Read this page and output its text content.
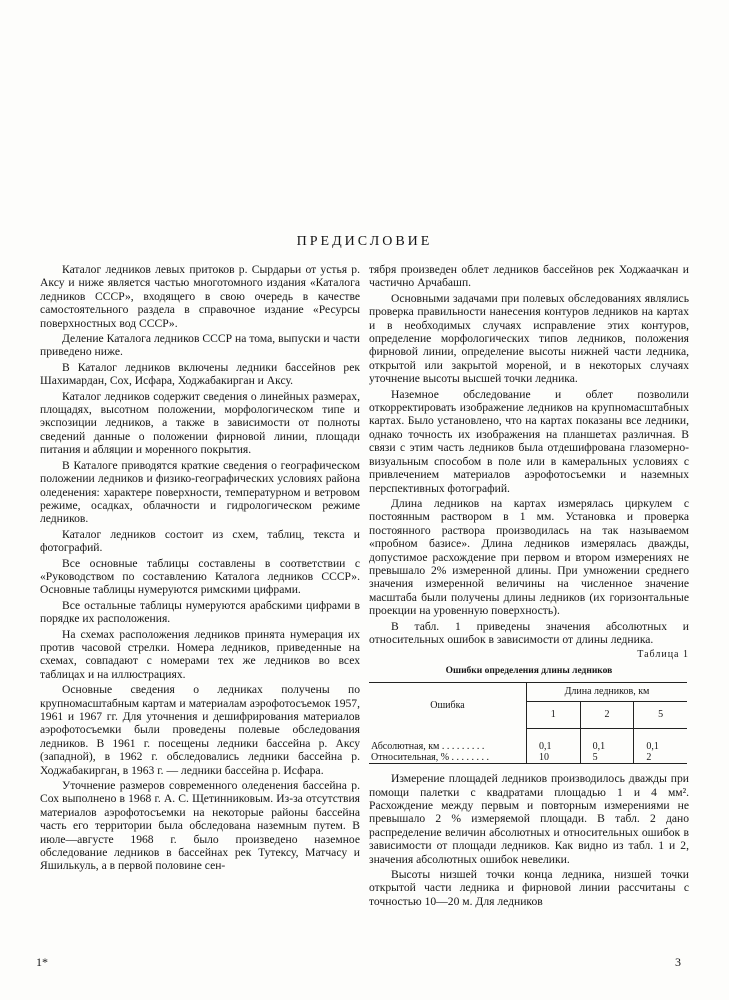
ПРЕДИСЛОВИЕ

Каталог ледников левых притоков р. Сырдарьи от устья р. Аксу и ниже является частью многотомного издания «Каталога ледников СССР», входящего в свою очередь в качестве самостоятельного раздела в справочное издание «Ресурсы поверхностных вод СССР».

Деление Каталога ледников СССР на тома, выпуски и части приведено ниже.

В Каталог ледников включены ледники бассейнов рек Шахимардан, Сох, Исфара, Ходжабакирган и Аксу.

Каталог ледников содержит сведения о линейных размерах, площадях, высотном положении, морфологическом типе и экспозиции ледников, а также в зависимости от полноты сведений данные о положении фирновой линии, площади питания и абляции и моренного покрытия.

В Каталоге приводятся краткие сведения о географическом положении ледников и физико-географических условиях района оледенения: характере поверхности, температурном и ветровом режиме, осадках, облачности и гидрологическом режиме ледников.

Каталог ледников состоит из схем, таблиц, текста и фотографий.

Все основные таблицы составлены в соответствии с «Руководством по составлению Каталога ледников СССР». Основные таблицы нумеруются римскими цифрами.

Все остальные таблицы нумеруются арабскими цифрами в порядке их расположения.

На схемах расположения ледников принята нумерация их против часовой стрелки. Номера ледников, приведенные на схемах, совпадают с номерами тех же ледников во всех таблицах и на иллюстрациях.

Основные сведения о ледниках получены по крупномасштабным картам и материалам аэрофотосъемок 1957, 1961 и 1967 гг. Для уточнения и дешифрирования материалов аэрофотосъемки были проведены полевые обследования ледников. В 1961 г. посещены ледники бассейна р. Аксу (западной), в 1962 г. обследовались ледники бассейна р. Ходжабакирган, в 1963 г. — ледники бассейна р. Исфара.

Уточнение размеров современного оледенения бассейна р. Сох выполнено в 1968 г. А. С. Щетинниковым. Из-за отсутствия материалов аэрофотосъемки на некоторые районы бассейна часть его территории была обследована наземным путем. В июле—августе 1968 г. было произведено наземное обследование ледников в бассейнах рек Тутексу, Матчасу и Яшилькуль, а в первой половине сен-

тября произведен облет ледников бассейнов рек Ходжаачкан и частично Арчабашп.

Основными задачами при полевых обследованиях являлись проверка правильности нанесения контуров ледников на картах и в необходимых случаях исправление этих контуров, определение морфологических типов ледников, положения фирновой линии, определение высоты нижней части ледника, открытой или закрытой мореной, и в некоторых случаях уточнение высоты высшей точки ледника.

Наземное обследование и облет позволили откорректировать изображение ледников на крупномасштабных картах. Было установлено, что на картах показаны все ледники, однако точность их изображения на планшетах различная. В связи с этим часть ледников была отдешифрована глазомерно-визуальным способом в поле или в камеральных условиях с привлечением материалов аэрофотосъемки и наземных перспективных фотографий.

Длина ледников на картах измерялась циркулем с постоянным раствором в 1 мм. Установка и проверка постоянного раствора производилась на так называемом «пробном базисе». Длина ледников измерялась дважды, допустимое расхождение при первом и втором измерениях не превышало 2% измеренной длины. При умножении среднего значения измеренной величины на численное значение масштаба были получены длины ледников (их горизонтальные проекции на уровенную поверхность).

В табл. 1 приведены значения абсолютных и относительных ошибок в зависимости от длины ледника.

Таблица 1
Ошибки определения длины ледников
Ошибка	Длина ледников, км		
	1	2	5
Абсолютная, км . . . . . . . . .	0,1	0,1	0,1
Относительная, % . . . . . . . .	10	5	2

Измерение площадей ледников производилось дважды при помощи палетки с квадратами площадью 1 и 4 мм². Расхождение между первым и повторным измерениями не превышало 2 % измеряемой площади. В табл. 2 дано распределение величин абсолютных и относительных ошибок в зависимости от площади ледников. Как видно из табл. 1 и 2, значения абсолютных ошибок невелики.

Высоты низшей точки конца ледника, низшей точки открытой части ледника и фирновой линии рассчитаны с точностью 10—20 м. Для ледников

1*	3
